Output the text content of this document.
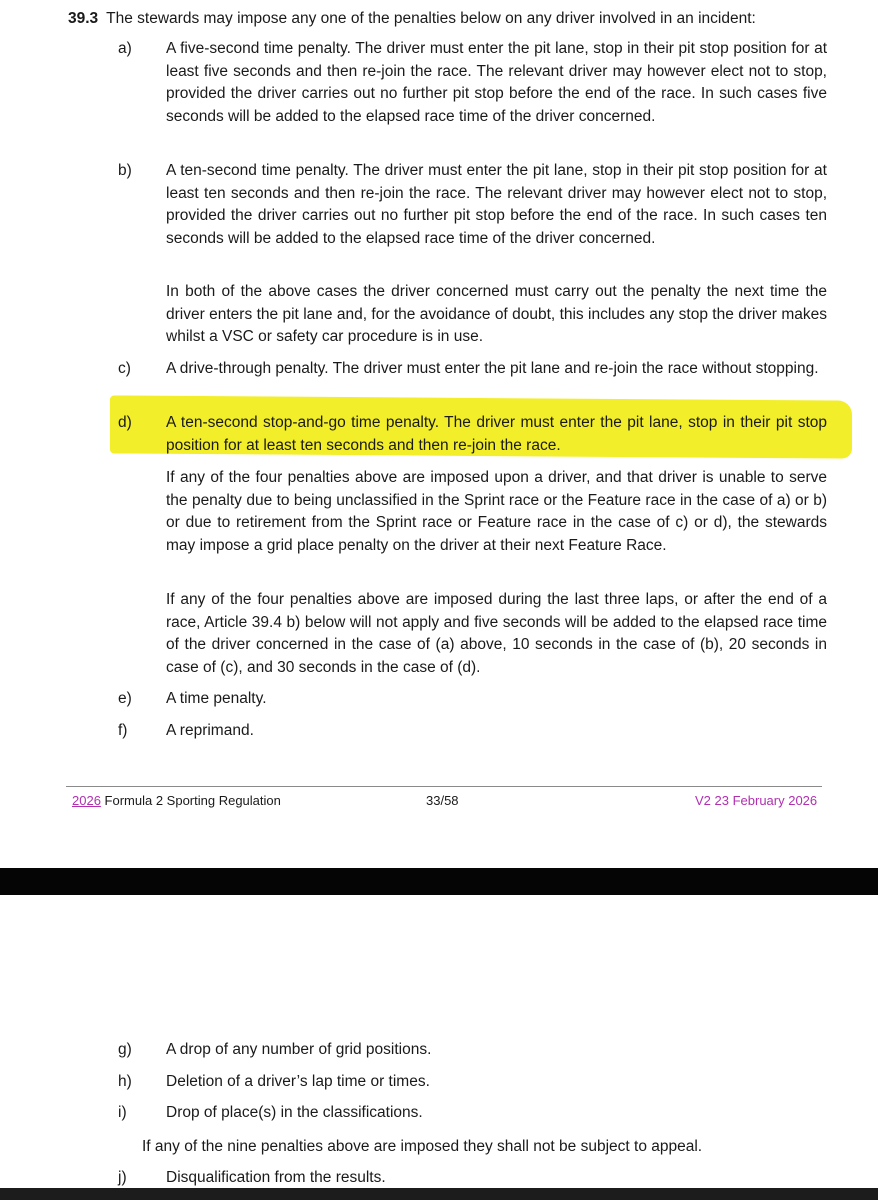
39.3 The stewards may impose any one of the penalties below on any driver involved in an incident:
a) A five-second time penalty. The driver must enter the pit lane, stop in their pit stop position for at least five seconds and then re-join the race. The relevant driver may however elect not to stop, provided the driver carries out no further pit stop before the end of the race. In such cases five seconds will be added to the elapsed race time of the driver concerned.
b) A ten-second time penalty. The driver must enter the pit lane, stop in their pit stop position for at least ten seconds and then re-join the race. The relevant driver may however elect not to stop, provided the driver carries out no further pit stop before the end of the race. In such cases ten seconds will be added to the elapsed race time of the driver concerned.
In both of the above cases the driver concerned must carry out the penalty the next time the driver enters the pit lane and, for the avoidance of doubt, this includes any stop the driver makes whilst a VSC or safety car procedure is in use.
c) A drive-through penalty. The driver must enter the pit lane and re-join the race without stopping.
d) A ten-second stop-and-go time penalty. The driver must enter the pit lane, stop in their pit stop position for at least ten seconds and then re-join the race.
If any of the four penalties above are imposed upon a driver, and that driver is unable to serve the penalty due to being unclassified in the Sprint race or the Feature race in the case of a) or b) or due to retirement from the Sprint race or Feature race in the case of c) or d), the stewards may impose a grid place penalty on the driver at their next Feature Race.
If any of the four penalties above are imposed during the last three laps, or after the end of a race, Article 39.4 b) below will not apply and five seconds will be added to the elapsed race time of the driver concerned in the case of (a) above, 10 seconds in the case of (b), 20 seconds in case of (c), and 30 seconds in the case of (d).
e) A time penalty.
f) A reprimand.
2026 Formula 2 Sporting Regulation	33/58	V2 23 February 2026
g) A drop of any number of grid positions.
h) Deletion of a driver’s lap time or times.
i)	Drop of place(s) in the classifications.
If any of the nine penalties above are imposed they shall not be subject to appeal.
j)	Disqualification from the results.
